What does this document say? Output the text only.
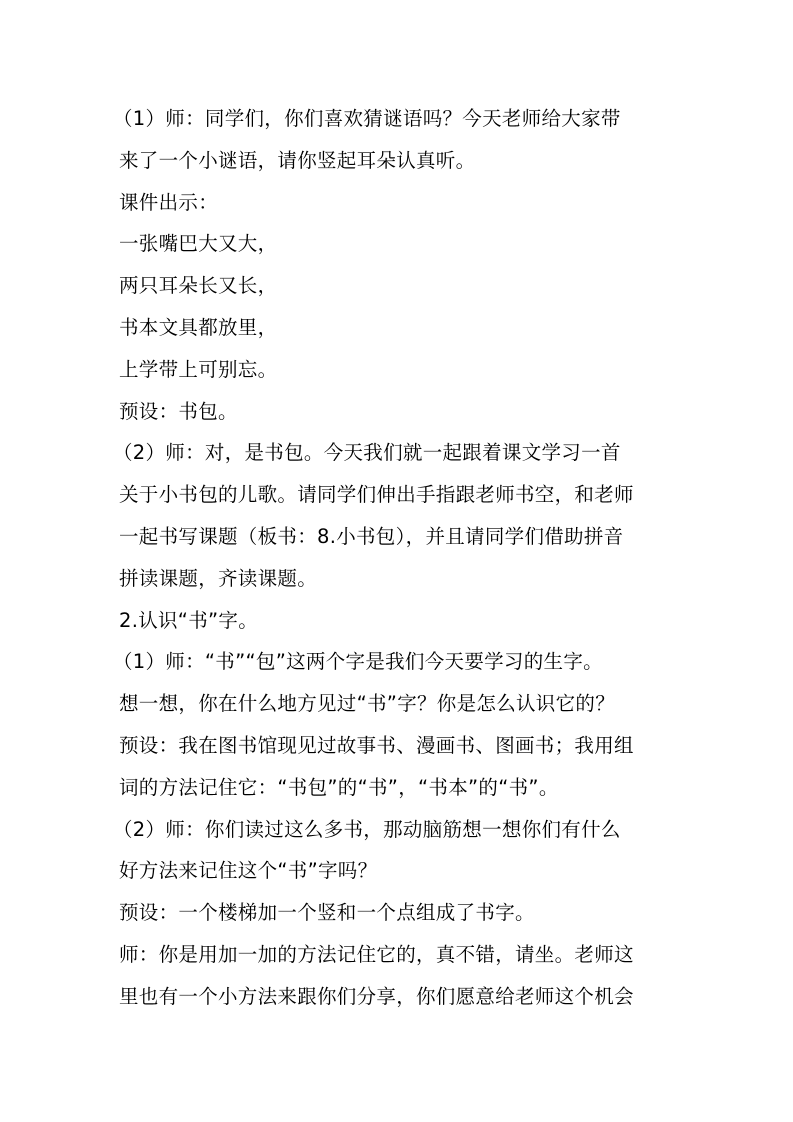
（1）师：同学们，你们喜欢猜谜语吗？今天老师给大家带
来了一个小谜语，请你竖起耳朵认真听。
课件出示：
一张嘴巴大又大，
两只耳朵长又长，
书本文具都放里，
上学带上可别忘。
预设：书包。
（2）师：对，是书包。今天我们就一起跟着课文学习一首
关于小书包的儿歌。请同学们伸出手指跟老师书空，和老师
一起书写课题（板书：8.小书包），并且请同学们借助拼音
拼读课题，齐读课题。
2.认识“书”字。
（1）师：“书”“包”这两个字是我们今天要学习的生字。
想一想，你在什么地方见过“书”字？你是怎么认识它的？
预设：我在图书馆现见过故事书、漫画书、图画书；我用组
词的方法记住它：“书包”的“书”，“书本”的“书”。
（2）师：你们读过这么多书，那动脑筋想一想你们有什么
好方法来记住这个“书”字吗？
预设：一个楼梯加一个竖和一个点组成了书字。
师：你是用加一加的方法记住它的，真不错，请坐。老师这
里也有一个小方法来跟你们分享，你们愿意给老师这个机会
